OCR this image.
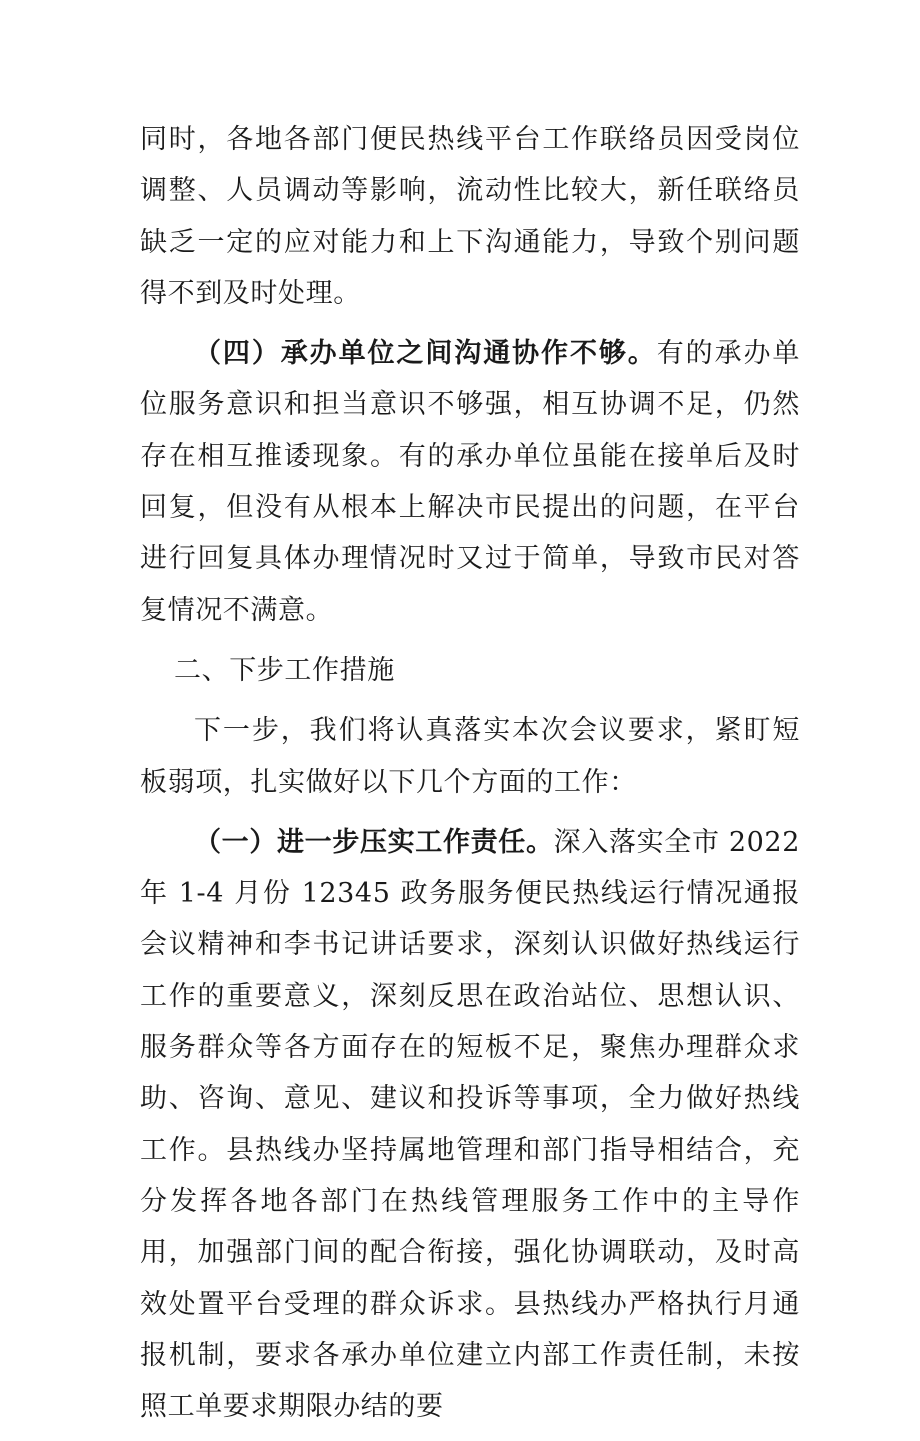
同时，各地各部门便民热线平台工作联络员因受岗位调整、人员调动等影响，流动性比较大，新任联络员缺乏一定的应对能力和上下沟通能力，导致个别问题得不到及时处理。

（四）承办单位之间沟通协作不够。有的承办单位服务意识和担当意识不够强，相互协调不足，仍然存在相互推诿现象。有的承办单位虽能在接单后及时回复，但没有从根本上解决市民提出的问题，在平台进行回复具体办理情况时又过于简单，导致市民对答复情况不满意。

二、下步工作措施

下一步，我们将认真落实本次会议要求，紧盯短板弱项，扎实做好以下几个方面的工作：

（一）进一步压实工作责任。深入落实全市 2022 年 1-4 月份 12345 政务服务便民热线运行情况通报会议精神和李书记讲话要求，深刻认识做好热线运行工作的重要意义，深刻反思在政治站位、思想认识、服务群众等各方面存在的短板不足，聚焦办理群众求助、咨询、意见、建议和投诉等事项，全力做好热线工作。县热线办坚持属地管理和部门指导相结合，充分发挥各地各部门在热线管理服务工作中的主导作用，加强部门间的配合衔接，强化协调联动，及时高效处置平台受理的群众诉求。县热线办严格执行月通报机制，要求各承办单位建立内部工作责任制，未按照工单要求期限办结的要
